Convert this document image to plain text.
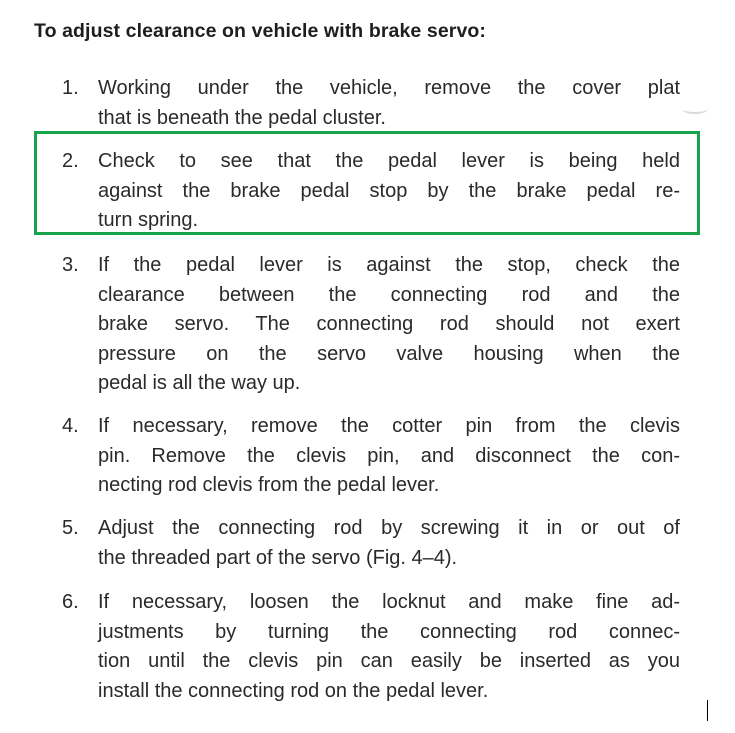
To adjust clearance on vehicle with brake servo:
1. Working under the vehicle, remove the cover plat
that is beneath the pedal cluster.
2. Check to see that the pedal lever is being held
against the brake pedal stop by the brake pedal re-
turn spring.
3. If the pedal lever is against the stop, check the
clearance between the connecting rod and the
brake servo. The connecting rod should not exert
pressure on the servo valve housing when the
pedal is all the way up.
4. If necessary, remove the cotter pin from the clevis
pin. Remove the clevis pin, and disconnect the con-
necting rod clevis from the pedal lever.
5. Adjust the connecting rod by screwing it in or out of
the threaded part of the servo (Fig. 4–4).
6. If necessary, loosen the locknut and make fine ad-
justments by turning the connecting rod connec-
tion until the clevis pin can easily be inserted as you
install the connecting rod on the pedal lever.
